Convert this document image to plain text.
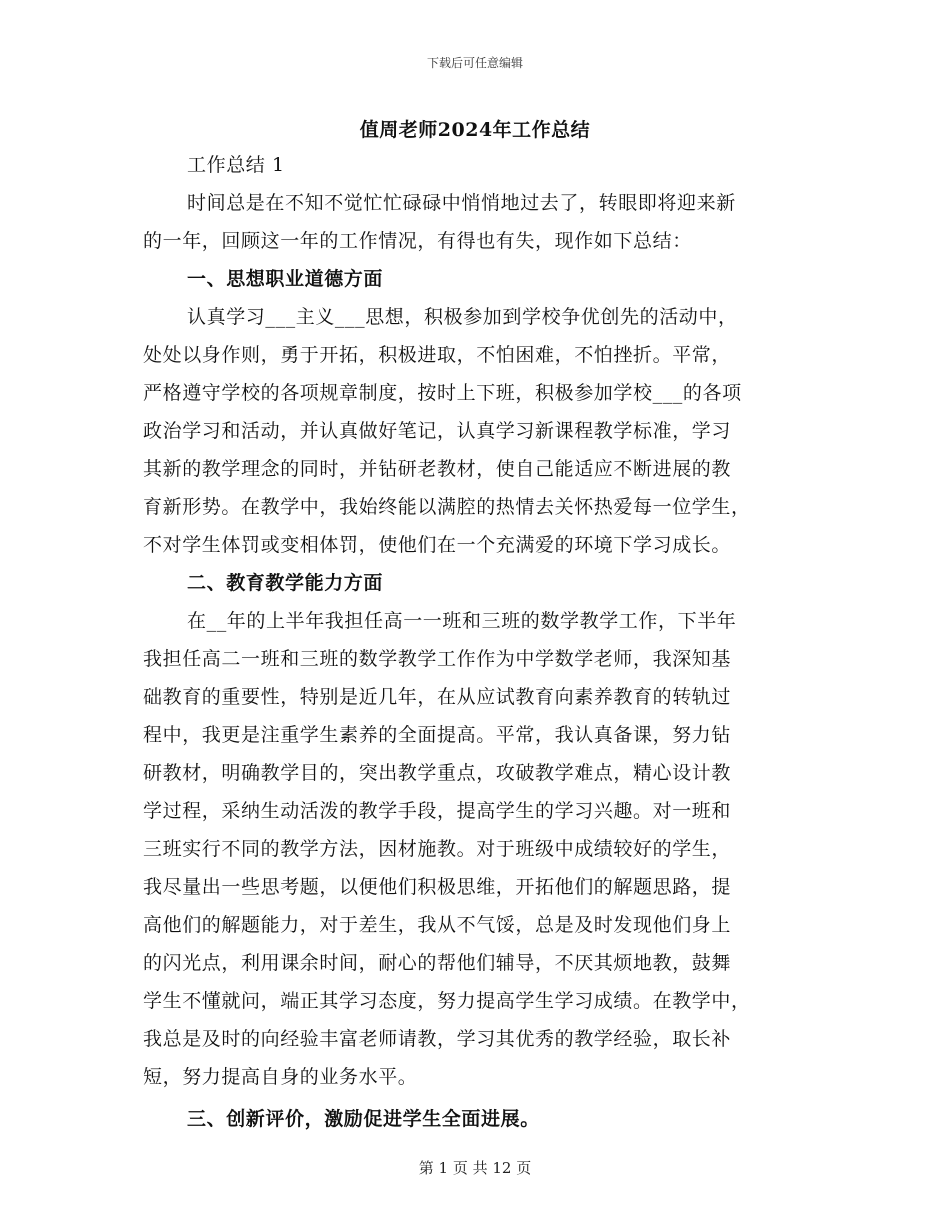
下载后可任意编辑
值周老师2024年工作总结
工作总结 1
时间总是在不知不觉忙忙碌碌中悄悄地过去了，转眼即将迎来新
的一年，回顾这一年的工作情况，有得也有失，现作如下总结：
一、思想职业道德方面
认真学习___主义___思想，积极参加到学校争优创先的活动中，
处处以身作则，勇于开拓，积极进取，不怕困难，不怕挫折。平常，
严格遵守学校的各项规章制度，按时上下班，积极参加学校___的各项
政治学习和活动，并认真做好笔记，认真学习新课程教学标准，学习
其新的教学理念的同时，并钻研老教材，使自己能适应不断进展的教
育新形势。在教学中，我始终能以满腔的热情去关怀热爱每一位学生，
不对学生体罚或变相体罚，使他们在一个充满爱的环境下学习成长。
二、教育教学能力方面
在__年的上半年我担任高一一班和三班的数学教学工作，下半年
我担任高二一班和三班的数学教学工作作为中学数学老师，我深知基
础教育的重要性，特别是近几年，在从应试教育向素养教育的转轨过
程中，我更是注重学生素养的全面提高。平常，我认真备课，努力钻
研教材，明确教学目的，突出教学重点，攻破教学难点，精心设计教
学过程，采纳生动活泼的教学手段，提高学生的学习兴趣。对一班和
三班实行不同的教学方法，因材施教。对于班级中成绩较好的学生，
我尽量出一些思考题，以便他们积极思维，开拓他们的解题思路，提
高他们的解题能力，对于差生，我从不气馁，总是及时发现他们身上
的闪光点，利用课余时间，耐心的帮他们辅导，不厌其烦地教，鼓舞
学生不懂就问，端正其学习态度，努力提高学生学习成绩。在教学中，
我总是及时的向经验丰富老师请教，学习其优秀的教学经验，取长补
短，努力提高自身的业务水平。
三、创新评价，激励促进学生全面进展。
第 1 页 共 12 页
